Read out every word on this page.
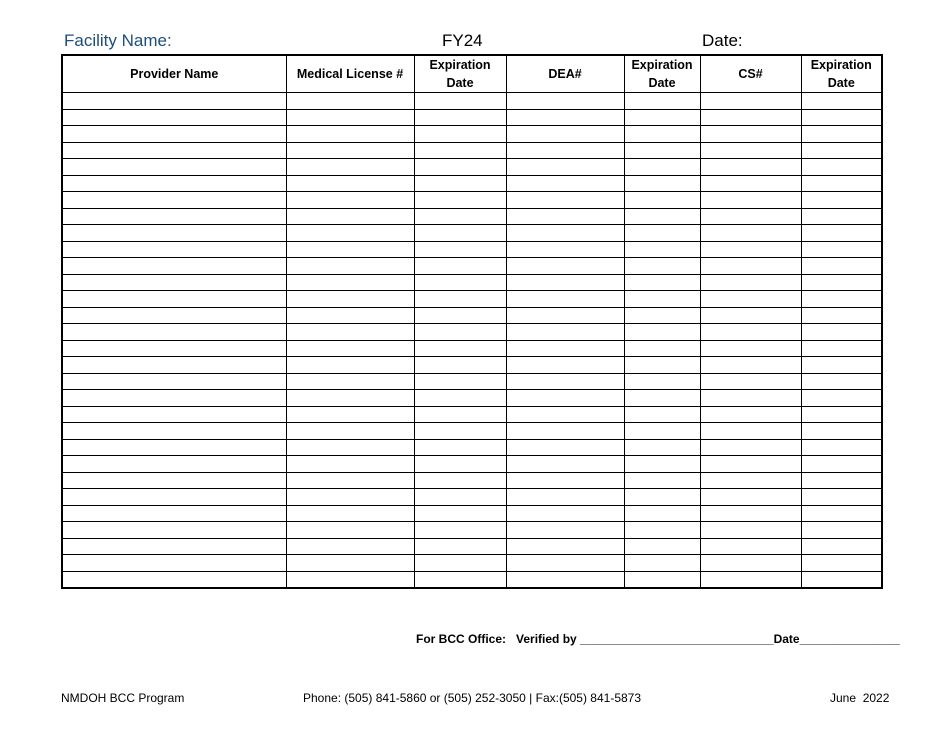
Facility Name:	FY24	Date:
Provider Name	Medical License #	Expiration Date	DEA#	Expiration Date	CS#	Expiration Date

For BCC Office:   Verified by _____________________________Date_______________
NMDOH BCC Program	Phone: (505) 841-5860 or (505) 252-3050 | Fax:(505) 841-5873	June  2022
